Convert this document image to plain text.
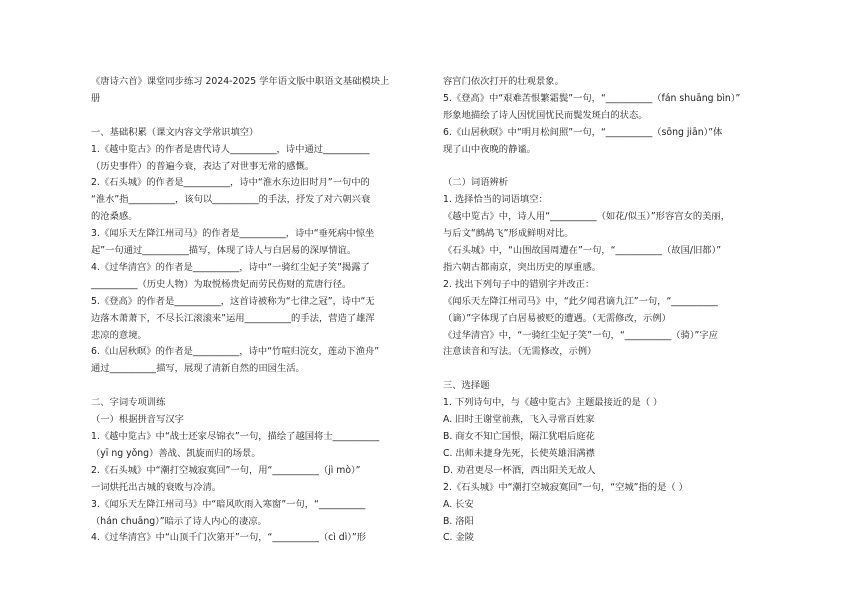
《唐诗六首》课堂同步练习 2024-2025 学年语文版中职语文基础模块上
册
一、基础积累（课文内容文学常识填空）
1.《越中览古》的作者是唐代诗人__________，诗中通过__________
（历史事件）的普遍今衰，表达了对世事无常的感慨。
2.《石头城》的作者是__________，诗中“淮水东边旧时月”一句中的
“淮水”指__________，该句以__________的手法，抒发了对六朝兴衰
的沧桑感。
3.《闻乐天左降江州司马》的作者是__________，诗中“垂死病中惊坐
起”一句通过__________描写，体现了诗人与白居易的深厚情谊。
4.《过华清宫》的作者是__________，诗中“一骑红尘妃子笑”揭露了
__________（历史人物）为取悦杨贵妃而劳民伤财的荒唐行径。
5.《登高》的作者是__________，这首诗被称为“七律之冠”，诗中“无
边落木萧萧下，不尽长江滚滚来”运用__________的手法，营造了雄浑
悲凉的意境。
6.《山居秋暝》的作者是__________，诗中“竹喧归浣女，莲动下渔舟”
通过__________描写，展现了清新自然的田园生活。
二、字词专项训练
（一）根据拼音写汉字
1.《越中览古》中“战士还家尽锦衣”一句，描绘了越国将士__________
（yī ng yǒng）善战、凯旋而归的场景。
2.《石头城》中“潮打空城寂寞回”一句，用“__________（jì mò）”
一词烘托出古城的衰败与冷清。
3.《闻乐天左降江州司马》中“暗风吹雨入寒窗”一句，“__________
（hán chuāng）”暗示了诗人内心的凄凉。
4.《过华清宫》中“山顶千门次第开”一句，“__________（cì dì）”形
容宫门依次打开的壮观景象。
5.《登高》中“艰难苦恨繁霜鬓”一句，“__________（fán shuāng bìn）”
形象地描绘了诗人因忧国忧民而鬓发斑白的状态。
6.《山居秋暝》中“明月松间照”一句，“__________（sōng jiān）”体
现了山中夜晚的静谧。
（二）词语辨析
1. 选择恰当的词语填空：
《越中览古》中，诗人用“__________（如花/似玉）”形容宫女的美丽，
与后文“鹧鸪飞”形成鲜明对比。
《石头城》中，“山围故国周遭在”一句，“__________（故国/旧都）”
指六朝古都南京，突出历史的厚重感。
2. 找出下列句子中的错别字并改正：
《闻乐天左降江州司马》中，“此夕闻君谪九江”一句，“__________
（谪）”字体现了白居易被贬的遭遇。（无需修改，示例）
《过华清宫》中，“一骑红尘妃子笑”一句，“__________（骑）”字应
注意读音和写法。（无需修改，示例）
三、选择题
1. 下列诗句中，与《越中览古》主题最接近的是（ ）
A. 旧时王谢堂前燕，飞入寻常百姓家
B. 商女不知亡国恨，隔江犹唱后庭花
C. 出师未捷身先死，长使英雄泪满襟
D. 劝君更尽一杯酒，西出阳关无故人
2.《石头城》中“潮打空城寂寞回”一句，“空城”指的是（ ）
A. 长安
B. 洛阳
C. 金陵
